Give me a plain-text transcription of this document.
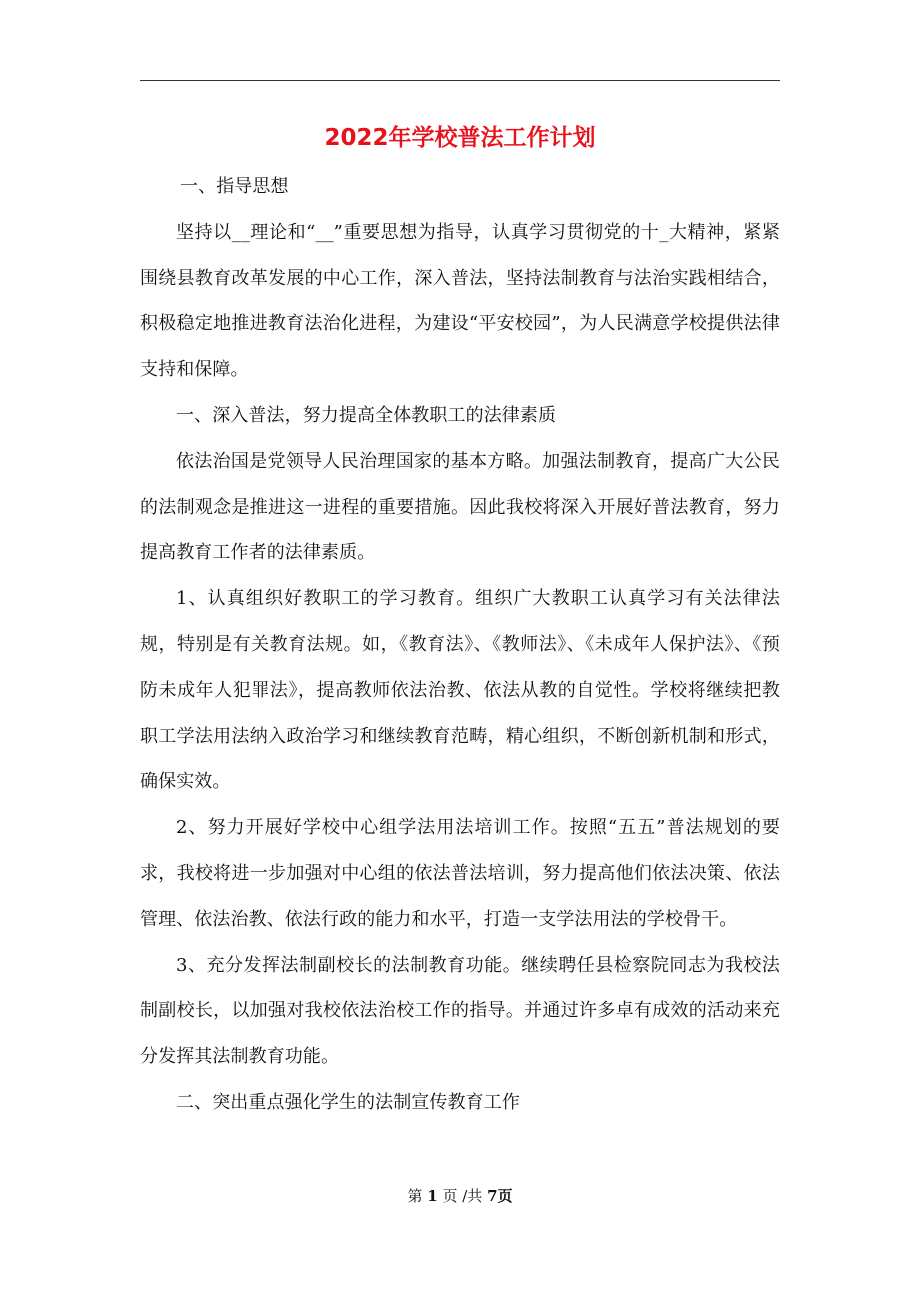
2022年学校普法工作计划

一、指导思想

坚持以__理论和“__”重要思想为指导，认真学习贯彻党的十_大精神，紧紧围绕县教育改革发展的中心工作，深入普法，坚持法制教育与法治实践相结合，积极稳定地推进教育法治化进程，为建设“平安校园”，为人民满意学校提供法律支持和保障。

一、深入普法，努力提高全体教职工的法律素质

依法治国是党领导人民治理国家的基本方略。加强法制教育，提高广大公民的法制观念是推进这一进程的重要措施。因此我校将深入开展好普法教育，努力提高教育工作者的法律素质。

1、认真组织好教职工的学习教育。组织广大教职工认真学习有关法律法规，特别是有关教育法规。如，《教育法》、《教师法》、《未成年人保护法》、《预防未成年人犯罪法》，提高教师依法治教、依法从教的自觉性。学校将继续把教职工学法用法纳入政治学习和继续教育范畴，精心组织，不断创新机制和形式，确保实效。

2、努力开展好学校中心组学法用法培训工作。按照“五五”普法规划的要求，我校将进一步加强对中心组的依法普法培训，努力提高他们依法决策、依法管理、依法治教、依法行政的能力和水平，打造一支学法用法的学校骨干。

3、充分发挥法制副校长的法制教育功能。继续聘任县检察院同志为我校法制副校长，以加强对我校依法治校工作的指导。并通过许多卓有成效的活动来充分发挥其法制教育功能。

二、突出重点强化学生的法制宣传教育工作

第 1 页 /共 7页
